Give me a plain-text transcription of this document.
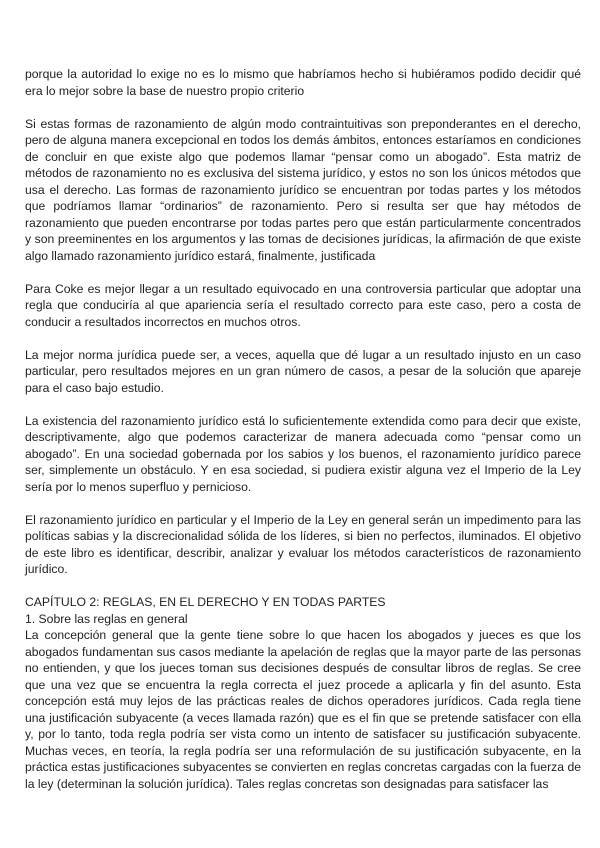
porque la autoridad lo exige no es lo mismo que habríamos hecho si hubiéramos podido decidir qué era lo mejor sobre la base de nuestro propio criterio

Si estas formas de razonamiento de algún modo contraintuitivas son preponderantes en el derecho, pero de alguna manera excepcional en todos los demás ámbitos, entonces estaríamos en condiciones de concluir en que existe algo que podemos llamar “pensar como un abogado”. Esta matriz de métodos de razonamiento no es exclusiva del sistema jurídico, y estos no son los únicos métodos que usa el derecho. Las formas de razonamiento jurídico se encuentran por todas partes y los métodos que podríamos llamar “ordinarios” de razonamiento. Pero si resulta ser que hay métodos de razonamiento que pueden encontrarse por todas partes pero que están particularmente concentrados y son preeminentes en los argumentos y las tomas de decisiones jurídicas, la afirmación de que existe algo llamado razonamiento jurídico estará, finalmente, justificada

Para Coke es mejor llegar a un resultado equivocado en una controversia particular que adoptar una regla que conduciría al que apariencia sería el resultado correcto para este caso, pero a costa de conducir a resultados incorrectos en muchos otros.

La mejor norma jurídica puede ser, a veces, aquella que dé lugar a un resultado injusto en un caso particular, pero resultados mejores en un gran número de casos, a pesar de la solución que apareje para el caso bajo estudio.

La existencia del razonamiento jurídico está lo suficientemente extendida como para decir que existe, descriptivamente, algo que podemos caracterizar de manera adecuada como “pensar como un abogado”. En una sociedad gobernada por los sabios y los buenos, el razonamiento jurídico parece ser, simplemente un obstáculo. Y en esa sociedad, si pudiera existir alguna vez el Imperio de la Ley sería por lo menos superfluo y pernicioso.

El razonamiento jurídico en particular y el Imperio de la Ley en general serán un impedimento para las políticas sabias y la discrecionalidad sólida de los líderes, si bien no perfectos, iluminados. El objetivo de este libro es identificar, describir, analizar y evaluar los métodos característicos de razonamiento jurídico.

CAPÍTULO 2: REGLAS, EN EL DERECHO Y EN TODAS PARTES

1. Sobre las reglas en general

La concepción general que la gente tiene sobre lo que hacen los abogados y jueces es que los abogados fundamentan sus casos mediante la apelación de reglas que la mayor parte de las personas no entienden, y que los jueces toman sus decisiones después de consultar libros de reglas. Se cree que una vez que se encuentra la regla correcta el juez procede a aplicarla y fin del asunto. Esta concepción está muy lejos de las prácticas reales de dichos operadores jurídicos. Cada regla tiene una justificación subyacente (a veces llamada razón) que es el fin que se pretende satisfacer con ella y, por lo tanto, toda regla podría ser vista como un intento de satisfacer su justificación subyacente. Muchas veces, en teoría, la regla podría ser una reformulación de su justificación subyacente, en la práctica estas justificaciones subyacentes se convierten en reglas concretas cargadas con la fuerza de la ley (determinan la solución jurídica). Tales reglas concretas son designadas para satisfacer las
